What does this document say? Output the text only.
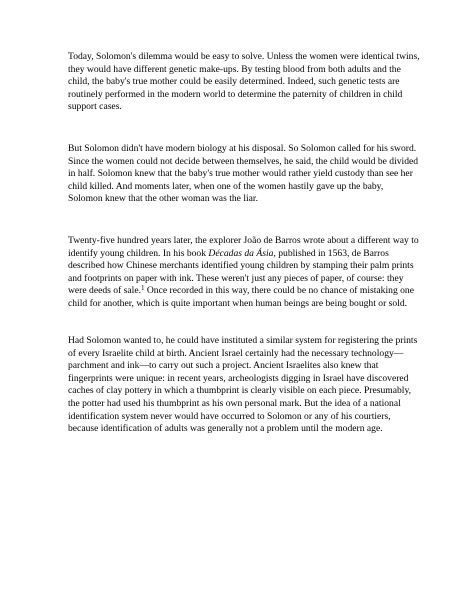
Today, Solomon's dilemma would be easy to solve. Unless the women were identical twins, they would have different genetic make-ups. By testing blood from both adults and the child, the baby's true mother could be easily determined. Indeed, such genetic tests are routinely performed in the modern world to determine the paternity of children in child support cases.

But Solomon didn't have modern biology at his disposal. So Solomon called for his sword. Since the women could not decide between themselves, he said, the child would be divided in half. Solomon knew that the baby's true mother would rather yield custody than see her child killed. And moments later, when one of the women hastily gave up the baby, Solomon knew that the other woman was the liar.

Twenty-five hundred years later, the explorer João de Barros wrote about a different way to identify young children. In his book Décadas da Ásia, published in 1563, de Barros described how Chinese merchants identified young children by stamping their palm prints and footprints on paper with ink. These weren't just any pieces of paper, of course: they were deeds of sale.$^1$ Once recorded in this way, there could be no chance of mistaking one child for another, which is quite important when human beings are being bought or sold.

Had Solomon wanted to, he could have instituted a similar system for registering the prints of every Israelite child at birth. Ancient Israel certainly had the necessary technology—parchment and ink—to carry out such a project. Ancient Israelites also knew that fingerprints were unique: in recent years, archeologists digging in Israel have discovered caches of clay pottery in which a thumbprint is clearly visible on each piece. Presumably, the potter had used his thumbprint as his own personal mark. But the idea of a national identification system never would have occurred to Solomon or any of his courtiers, because identification of adults was generally not a problem until the modern age.
